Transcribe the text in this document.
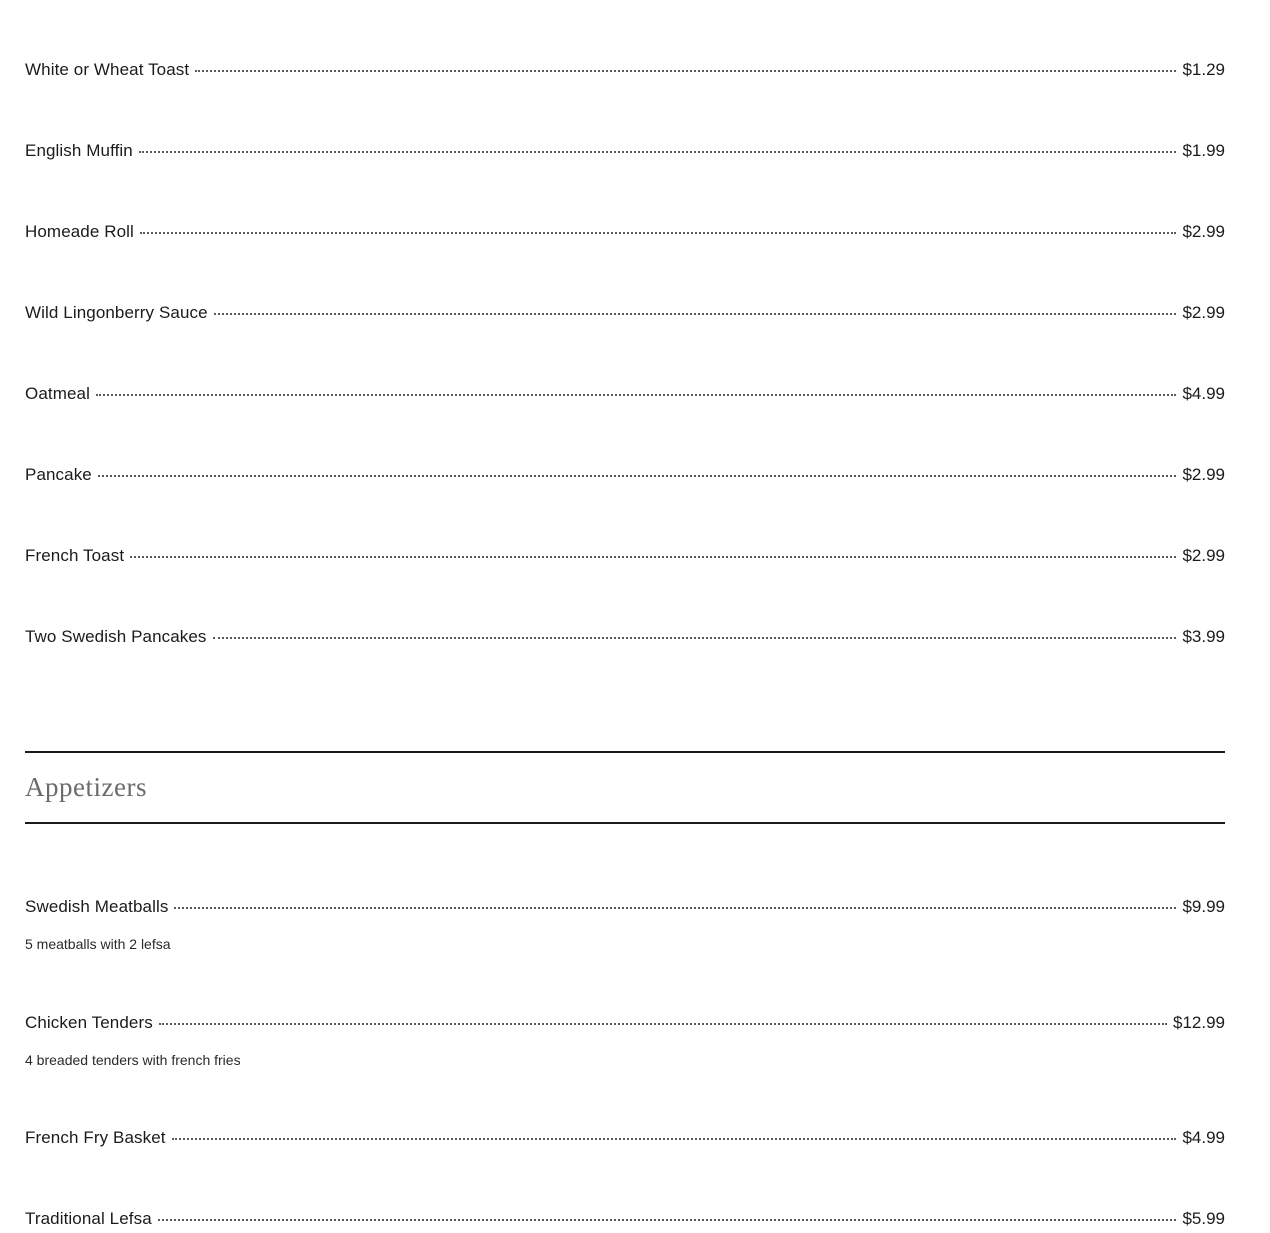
White or Wheat Toast	$1.29
English Muffin	$1.99
Homeade Roll	$2.99
Wild Lingonberry Sauce	$2.99
Oatmeal	$4.99
Pancake	$2.99
French Toast	$2.99
Two Swedish Pancakes	$3.99
Appetizers
Swedish Meatballs	$9.99
5 meatballs with 2 lefsa
Chicken Tenders	$12.99
4 breaded tenders with french fries
French Fry Basket	$4.99
Traditional Lefsa	$5.99
